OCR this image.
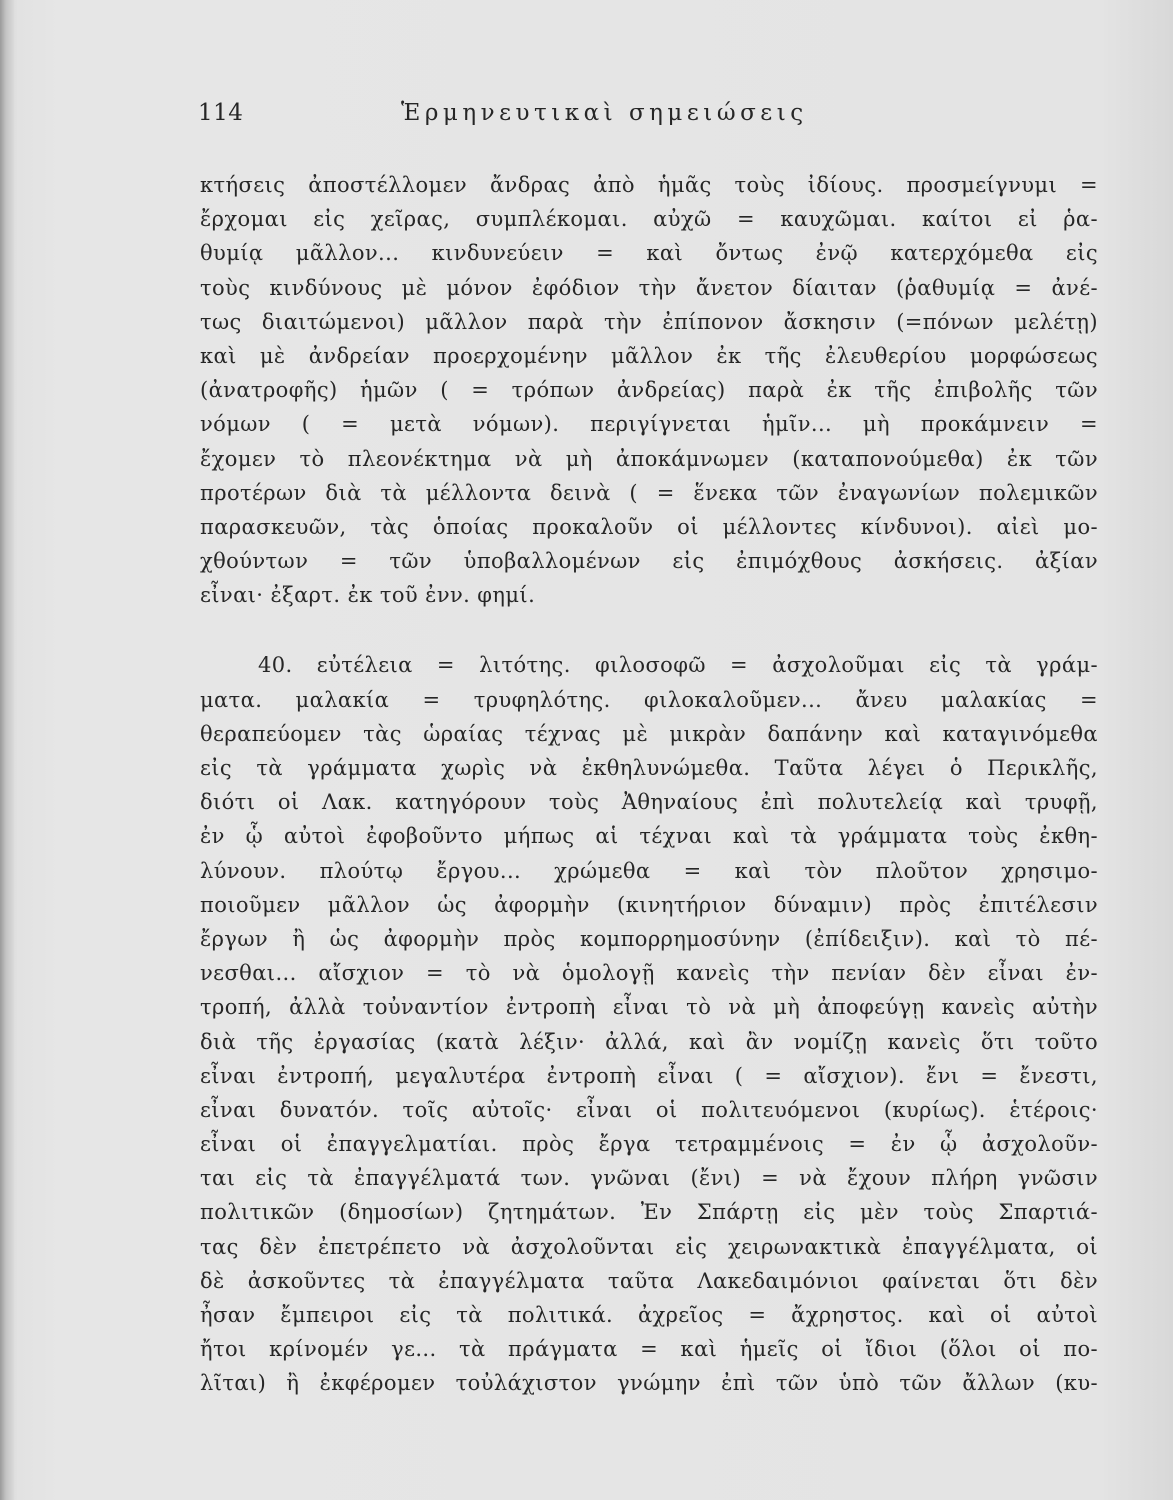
114	Ἑρμηνευτικαὶ σημειώσεις
κτήσεις ἀποστέλλομεν ἄνδρας ἀπὸ ἡμᾶς τοὺς ἰδίους. προσμείγνυμι =
ἔρχομαι εἰς χεῖρας, συμπλέκομαι. αὐχῶ = καυχῶμαι. καίτοι εἰ ῥα-
θυμίᾳ μᾶλλον... κινδυνεύειν = καὶ ὄντως ἐνῷ κατερχόμεθα εἰς
τοὺς κινδύνους μὲ μόνον ἐφόδιον τὴν ἄνετον δίαιταν (ῥαθυμίᾳ = ἀνέ-
τως διαιτώμενοι) μᾶλλον παρὰ τὴν ἐπίπονον ἄσκησιν (=πόνων μελέτῃ)
καὶ μὲ ἀνδρείαν προερχομένην μᾶλλον ἐκ τῆς ἐλευθερίου μορφώσεως
(ἀνατροφῆς) ἡμῶν ( = τρόπων ἀνδρείας) παρὰ ἐκ τῆς ἐπιβολῆς τῶν
νόμων ( = μετὰ νόμων). περιγίγνεται ἡμῖν... μὴ προκάμνειν =
ἔχομεν τὸ πλεονέκτημα νὰ μὴ ἀποκάμνωμεν (καταπονούμεθα) ἐκ τῶν
προτέρων διὰ τὰ μέλλοντα δεινὰ ( = ἕνεκα τῶν ἐναγωνίων πολεμικῶν
παρασκευῶν, τὰς ὁποίας προκαλοῦν οἱ μέλλοντες κίνδυνοι). αἰεὶ μο-
χθούντων = τῶν ὑποβαλλομένων εἰς ἐπιμόχθους ἀσκήσεις. ἀξίαν
εἶναι· ἐξαρτ. ἐκ τοῦ ἐνν. φημί.
40. εὐτέλεια = λιτότης. φιλοσοφῶ = ἀσχολοῦμαι εἰς τὰ γράμ-
ματα. μαλακία = τρυφηλότης. φιλοκαλοῦμεν... ἄνευ μαλακίας =
θεραπεύομεν τὰς ὡραίας τέχνας μὲ μικρὰν δαπάνην καὶ καταγινόμεθα
εἰς τὰ γράμματα χωρὶς νὰ ἐκθηλυνώμεθα. Ταῦτα λέγει ὁ Περικλῆς,
διότι οἱ Λακ. κατηγόρουν τοὺς Ἀθηναίους ἐπὶ πολυτελείᾳ καὶ τρυφῇ,
ἐν ᾧ αὐτοὶ ἐφοβοῦντο μήπως αἱ τέχναι καὶ τὰ γράμματα τοὺς ἐκθη-
λύνουν. πλούτῳ ἔργου... χρώμεθα = καὶ τὸν πλοῦτον χρησιμο-
ποιοῦμεν μᾶλλον ὡς ἀφορμὴν (κινητήριον δύναμιν) πρὸς ἐπιτέλεσιν
ἔργων ἢ ὡς ἀφορμὴν πρὸς κομπορρημοσύνην (ἐπίδειξιν). καὶ τὸ πέ-
νεσθαι... αἴσχιον = τὸ νὰ ὁμολογῇ κανεὶς τὴν πενίαν δὲν εἶναι ἐν-
τροπή, ἀλλὰ τοὐναντίον ἐντροπὴ εἶναι τὸ νὰ μὴ ἀποφεύγῃ κανεὶς αὐτὴν
διὰ τῆς ἐργασίας (κατὰ λέξιν· ἀλλά, καὶ ἂν νομίζῃ κανεὶς ὅτι τοῦτο
εἶναι ἐντροπή, μεγαλυτέρα ἐντροπὴ εἶναι ( = αἴσχιον). ἔνι = ἔνεστι,
εἶναι δυνατόν. τοῖς αὐτοῖς· εἶναι οἱ πολιτευόμενοι (κυρίως). ἑτέροις·
εἶναι οἱ ἐπαγγελματίαι. πρὸς ἔργα τετραμμένοις = ἐν ᾧ ἀσχολοῦν-
ται εἰς τὰ ἐπαγγέλματά των. γνῶναι (ἔνι) = νὰ ἔχουν πλήρη γνῶσιν
πολιτικῶν (δημοσίων) ζητημάτων. Ἐν Σπάρτῃ εἰς μὲν τοὺς Σπαρτιά-
τας δὲν ἐπετρέπετο νὰ ἀσχολοῦνται εἰς χειρωνακτικὰ ἐπαγγέλματα, οἱ
δὲ ἀσκοῦντες τὰ ἐπαγγέλματα ταῦτα Λακεδαιμόνιοι φαίνεται ὅτι δὲν
ἦσαν ἔμπειροι εἰς τὰ πολιτικά. ἀχρεῖος = ἄχρηστος. καὶ οἱ αὐτοὶ
ἤτοι κρίνομέν γε... τὰ πράγματα = καὶ ἡμεῖς οἱ ἴδιοι (ὅλοι οἱ πο-
λῖται) ἢ ἐκφέρομεν τοὐλάχιστον γνώμην ἐπὶ τῶν ὑπὸ τῶν ἄλλων (κυ-
